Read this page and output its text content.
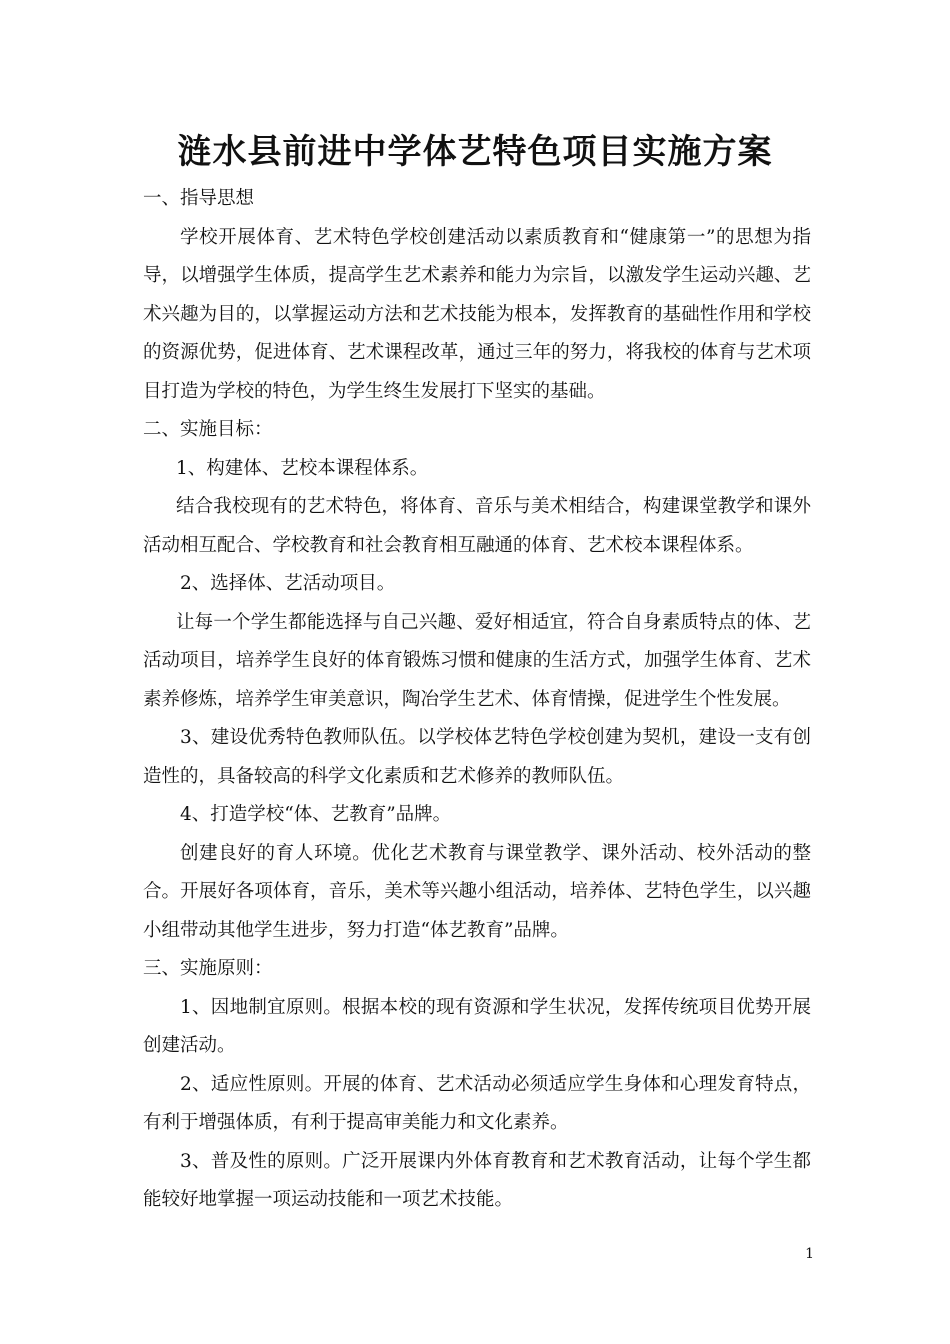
涟水县前进中学体艺特色项目实施方案

一、指导思想

学校开展体育、艺术特色学校创建活动以素质教育和“健康第一”的思想为指导，以增强学生体质，提高学生艺术素养和能力为宗旨，以激发学生运动兴趣、艺术兴趣为目的，以掌握运动方法和艺术技能为根本，发挥教育的基础性作用和学校的资源优势，促进体育、艺术课程改革，通过三年的努力，将我校的体育与艺术项目打造为学校的特色，为学生终生发展打下坚实的基础。

二、实施目标：

1、构建体、艺校本课程体系。

结合我校现有的艺术特色，将体育、音乐与美术相结合，构建课堂教学和课外活动相互配合、学校教育和社会教育相互融通的体育、艺术校本课程体系。

2、选择体、艺活动项目。

让每一个学生都能选择与自己兴趣、爱好相适宜，符合自身素质特点的体、艺活动项目，培养学生良好的体育锻炼习惯和健康的生活方式，加强学生体育、艺术素养修炼，培养学生审美意识，陶冶学生艺术、体育情操，促进学生个性发展。

3、建设优秀特色教师队伍。以学校体艺特色学校创建为契机，建设一支有创造性的，具备较高的科学文化素质和艺术修养的教师队伍。

4、打造学校“体、艺教育”品牌。

创建良好的育人环境。优化艺术教育与课堂教学、课外活动、校外活动的整合。开展好各项体育，音乐，美术等兴趣小组活动，培养体、艺特色学生，以兴趣小组带动其他学生进步，努力打造“体艺教育”品牌。

三、实施原则：

1、因地制宜原则。根据本校的现有资源和学生状况，发挥传统项目优势开展创建活动。

2、适应性原则。开展的体育、艺术活动必须适应学生身体和心理发育特点，有利于增强体质，有利于提高审美能力和文化素养。

3、普及性的原则。广泛开展课内外体育教育和艺术教育活动，让每个学生都能较好地掌握一项运动技能和一项艺术技能。

1
